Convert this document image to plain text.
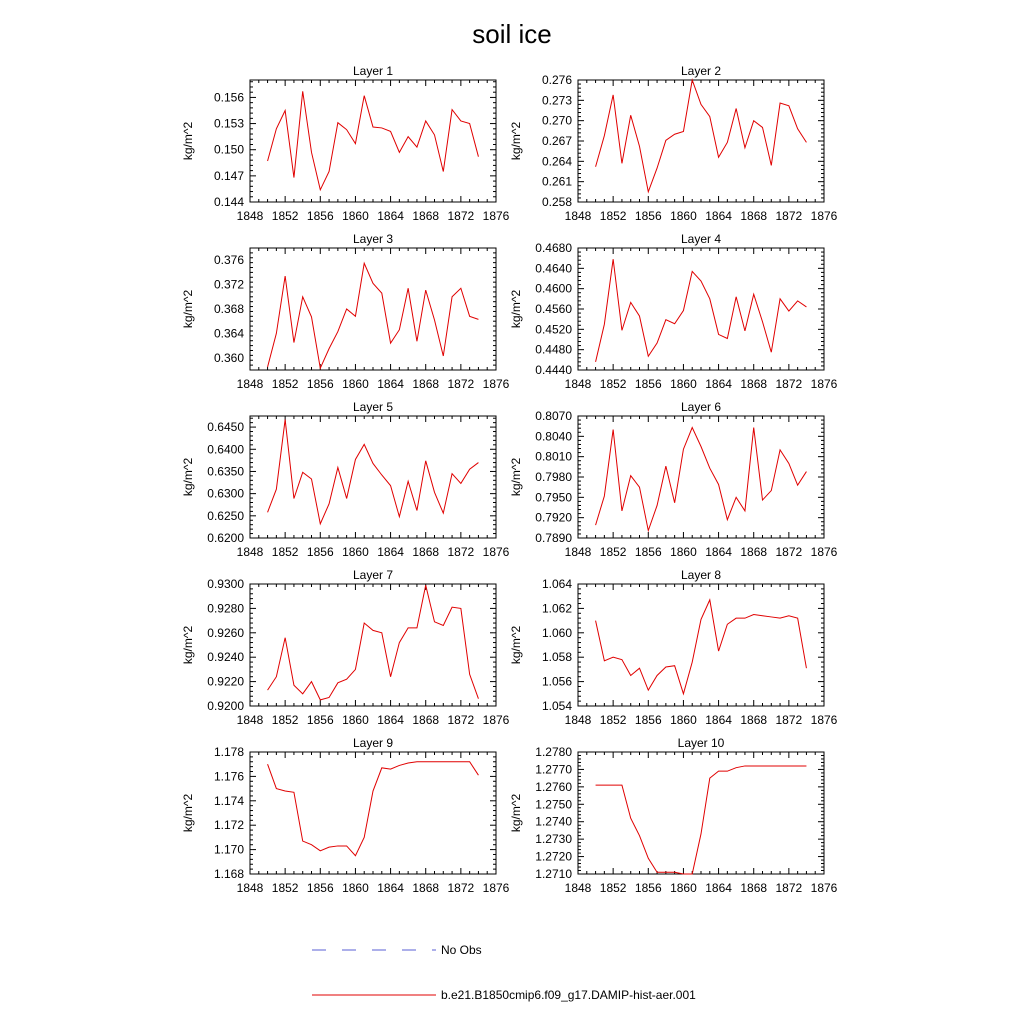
soil ice
Layer 1
1848 1852 1856 1860 1864 1868 1872 1876
0.144
0.147
0.150
0.153
0.156
kg/m^2
Layer 2
1848 1852 1856 1860 1864 1868 1872 1876
0.258
0.261
0.264
0.267
0.270
0.273
0.276
kg/m^2
Layer 3
1848 1852 1856 1860 1864 1868 1872 1876
0.360
0.364
0.368
0.372
0.376
kg/m^2
Layer 4
1848 1852 1856 1860 1864 1868 1872 1876
0.4440
0.4480
0.4520
0.4560
0.4600
0.4640
0.4680
kg/m^2
Layer 5
1848 1852 1856 1860 1864 1868 1872 1876
0.6200
0.6250
0.6300
0.6350
0.6400
0.6450
kg/m^2
Layer 6
1848 1852 1856 1860 1864 1868 1872 1876
0.7890
0.7920
0.7950
0.7980
0.8010
0.8040
0.8070
kg/m^2
Layer 7
1848 1852 1856 1860 1864 1868 1872 1876
0.9200
0.9220
0.9240
0.9260
0.9280
0.9300
kg/m^2
Layer 8
1848 1852 1856 1860 1864 1868 1872 1876
1.054
1.056
1.058
1.060
1.062
1.064
kg/m^2
Layer 9
1848 1852 1856 1860 1864 1868 1872 1876
1.168
1.170
1.172
1.174
1.176
1.178
kg/m^2
Layer 10
1848 1852 1856 1860 1864 1868 1872 1876
1.2710
1.2720
1.2730
1.2740
1.2750
1.2760
1.2770
1.2780
kg/m^2
No Obs
b.e21.B1850cmip6.f09_g17.DAMIP-hist-aer.001
